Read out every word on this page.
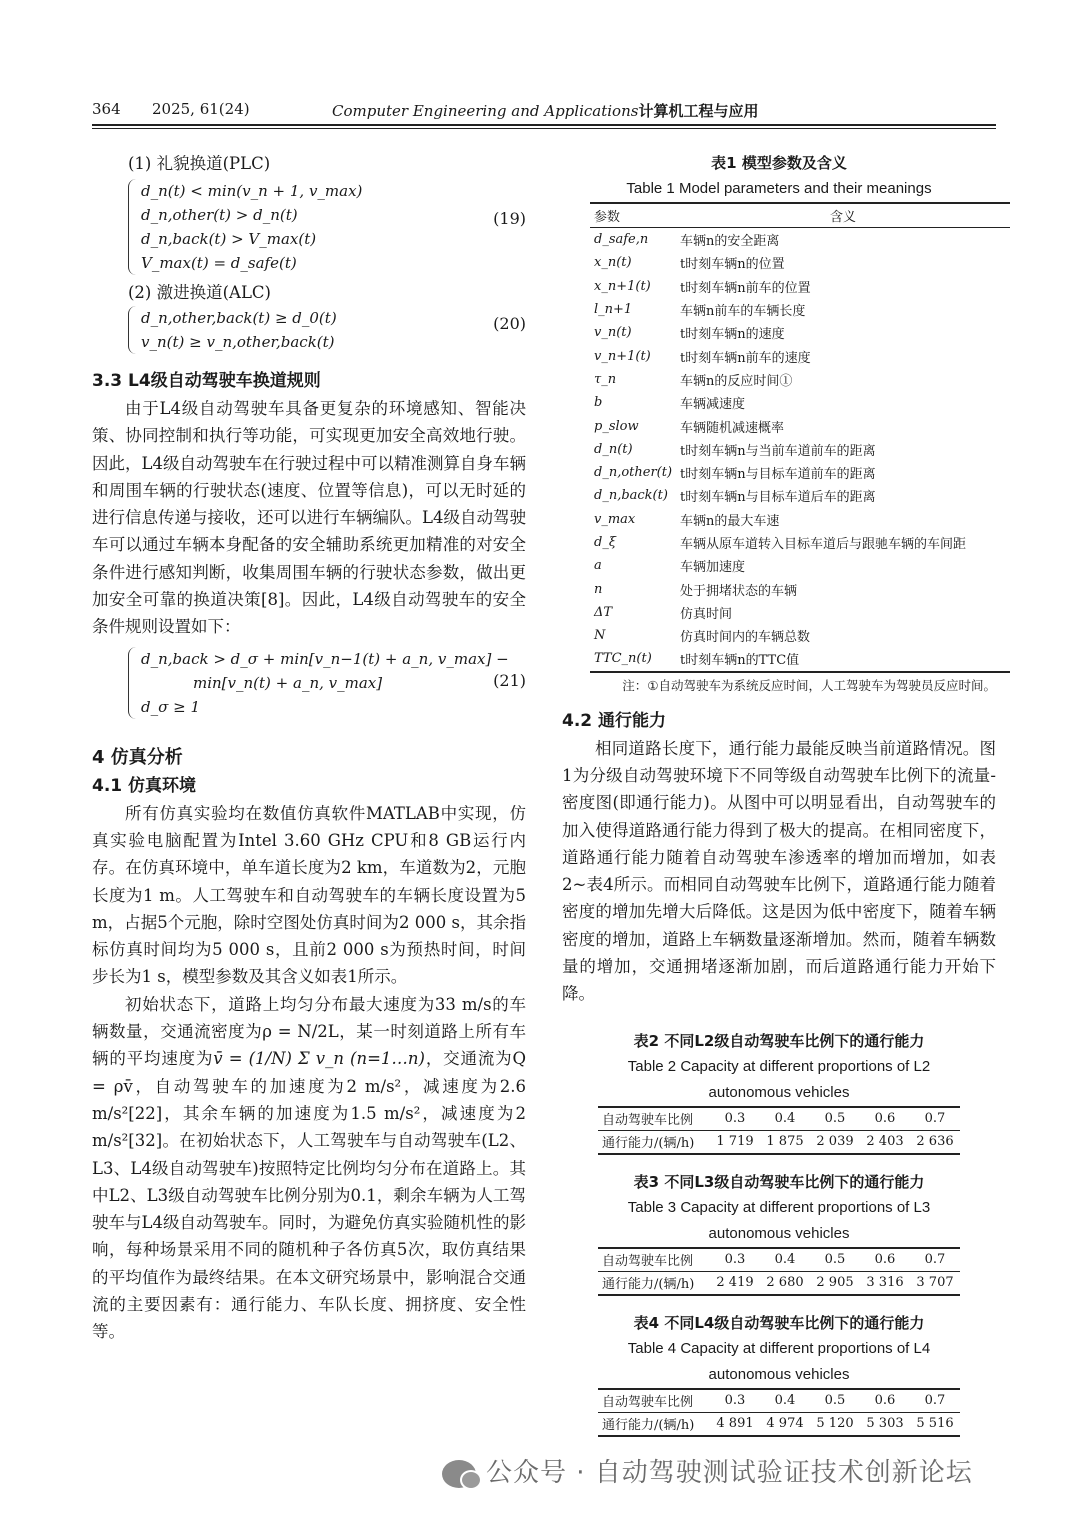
364 2025, 61(24)	Computer Engineering and Applications计算机工程与应用

(1) 礼貌换道(PLC)

d_n(t) < min(v_n + 1, v_max)
d_n,other(t) > d_n(t)
d_n,back(t) > V_max(t)
V_max(t) = d_safe(t)
(19)

(2) 激进换道(ALC)

d_n,other,back(t) ≥ d_0(t)
v_n(t) ≥ v_n,other,back(t)
(20)
3.3 L4级自动驾驶车换道规则

由于L4级自动驾驶车具备更复杂的环境感知、智能决策、协同控制和执行等功能，可实现更加安全高效地行驶。因此，L4级自动驾驶车在行驶过程中可以精准测算自身车辆和周围车辆的行驶状态(速度、位置等信息)，可以无时延的进行信息传递与接收，还可以进行车辆编队。L4级自动驾驶车可以通过车辆本身配备的安全辅助系统更加精准的对安全条件进行感知判断，收集周围车辆的行驶状态参数，做出更加安全可靠的换道决策[8]。因此，L4级自动驾驶车的安全条件规则设置如下：

d_n,back > d_σ + min[v_n−1(t) + a_n, v_max] −
min[v_n(t) + a_n, v_max]
d_σ ≥ 1
(21)
4 仿真分析
4.1 仿真环境

所有仿真实验均在数值仿真软件MATLAB中实现，仿真实验电脑配置为Intel 3.60 GHz CPU和8 GB运行内存。在仿真环境中，单车道长度为2 km，车道数为2，元胞长度为1 m。人工驾驶车和自动驾驶车的车辆长度设置为5 m，占据5个元胞，除时空图处仿真时间为2 000 s，其余指标仿真时间均为5 000 s，且前2 000 s为预热时间，时间步长为1 s，模型参数及其含义如表1所示。

初始状态下，道路上均匀分布最大速度为33 m/s的车辆数量，交通流密度为ρ = N/2L，某一时刻道路上所有车辆的平均速度为v̄ = (1/N) Σ v_n (n=1…n)，交通流为Q = ρv̄，自动驾驶车的加速度为2 m/s²，减速度为2.6 m/s²[22]，其余车辆的加速度为1.5 m/s²，减速度为2 m/s²[32]。在初始状态下，人工驾驶车与自动驾驶车(L2、L3、L4级自动驾驶车)按照特定比例均匀分布在道路上。其中L2、L3级自动驾驶车比例分别为0.1，剩余车辆为人工驾驶车与L4级自动驾驶车。同时，为避免仿真实验随机性的影响，每种场景采用不同的随机种子各仿真5次，取仿真结果的平均值作为最终结果。在本文研究场景中，影响混合交通流的主要因素有：通行能力、车队长度、拥挤度、安全性等。

表1 模型参数及含义
Table 1 Model parameters and their meanings
参数	含义
d_safe,n	车辆n的安全距离
x_n(t)	t时刻车辆n的位置
x_n+1(t)	t时刻车辆n前车的位置
l_n+1	车辆n前车的车辆长度
v_n(t)	t时刻车辆n的速度
v_n+1(t)	t时刻车辆n前车的速度
τ_n	车辆n的反应时间①
b	车辆减速度
p_slow	车辆随机减速概率
d_n(t)	t时刻车辆n与当前车道前车的距离
d_n,other(t)	t时刻车辆n与目标车道前车的距离
d_n,back(t)	t时刻车辆n与目标车道后车的距离
v_max	车辆n的最大车速
d_ξ	车辆从原车道转入目标车道后与跟驰车辆的车间距
a	车辆加速度
n	处于拥堵状态的车辆
ΔT	仿真时间
N	仿真时间内的车辆总数
TTC_n(t)	t时刻车辆n的TTC值

注：①自动驾驶车为系统反应时间，人工驾驶车为驾驶员反应时间。

4.2 通行能力

相同道路长度下，通行能力最能反映当前道路情况。图1为分级自动驾驶环境下不同等级自动驾驶车比例下的流量-密度图(即通行能力)。从图中可以明显看出，自动驾驶车的加入使得道路通行能力得到了极大的提高。在相同密度下，道路通行能力随着自动驾驶车渗透率的增加而增加，如表2~表4所示。而相同自动驾驶车比例下，道路通行能力随着密度的增加先增大后降低。这是因为低中密度下，随着车辆密度的增加，道路上车辆数量逐渐增加。然而，随着车辆数量的增加，交通拥堵逐渐加剧，而后道路通行能力开始下降。

表2 不同L2级自动驾驶车比例下的通行能力
Table 2 Capacity at different proportions of L2
autonomous vehicles
自动驾驶车比例	0.3	0.4	0.5	0.6	0.7
通行能力/(辆/h)	1 719	1 875	2 039	2 403	2 636
表3 不同L3级自动驾驶车比例下的通行能力
Table 3 Capacity at different proportions of L3
autonomous vehicles
自动驾驶车比例	0.3	0.4	0.5	0.6	0.7
通行能力/(辆/h)	2 419	2 680	2 905	3 316	3 707
表4 不同L4级自动驾驶车比例下的通行能力
Table 4 Capacity at different proportions of L4
autonomous vehicles
自动驾驶车比例	0.3	0.4	0.5	0.6	0.7
通行能力/(辆/h)	4 891	4 974	5 120	5 303	5 516
公众号 · 自动驾驶测试验证技术创新论坛
